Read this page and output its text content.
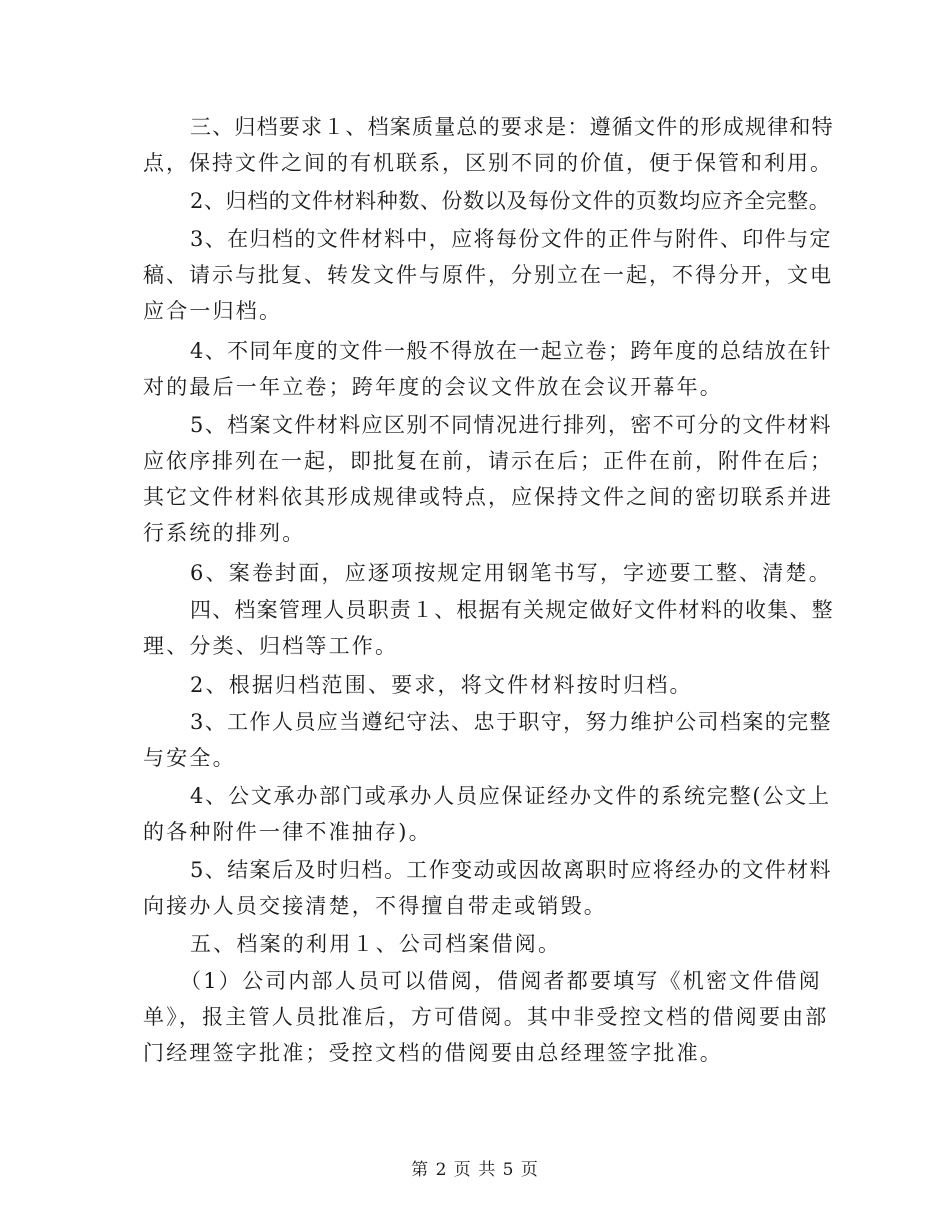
三、归档要求１、档案质量总的要求是：遵循文件的形成规律和特
点，保持文件之间的有机联系，区别不同的价值，便于保管和利用。
2、归档的文件材料种数、份数以及每份文件的页数均应齐全完整。
3、在归档的文件材料中，应将每份文件的正件与附件、印件与定
稿、请示与批复、转发文件与原件，分别立在一起，不得分开，文电
应合一归档。
4、不同年度的文件一般不得放在一起立卷；跨年度的总结放在针
对的最后一年立卷；跨年度的会议文件放在会议开幕年。
5、档案文件材料应区别不同情况进行排列，密不可分的文件材料
应依序排列在一起，即批复在前，请示在后；正件在前，附件在后；
其它文件材料依其形成规律或特点，应保持文件之间的密切联系并进
行系统的排列。
6、案卷封面，应逐项按规定用钢笔书写，字迹要工整、清楚。
四、档案管理人员职责１、根据有关规定做好文件材料的收集、整
理、分类、归档等工作。
2、根据归档范围、要求，将文件材料按时归档。
3、工作人员应当遵纪守法、忠于职守，努力维护公司档案的完整
与安全。
4、公文承办部门或承办人员应保证经办文件的系统完整(公文上
的各种附件一律不准抽存)。
5、结案后及时归档。工作变动或因故离职时应将经办的文件材料
向接办人员交接清楚，不得擅自带走或销毁。
五、档案的利用１、公司档案借阅。
（1）公司内部人员可以借阅，借阅者都要填写《机密文件借阅
单》，报主管人员批准后，方可借阅。其中非受控文档的借阅要由部
门经理签字批准；受控文档的借阅要由总经理签字批准。
第 2 页 共 5 页
